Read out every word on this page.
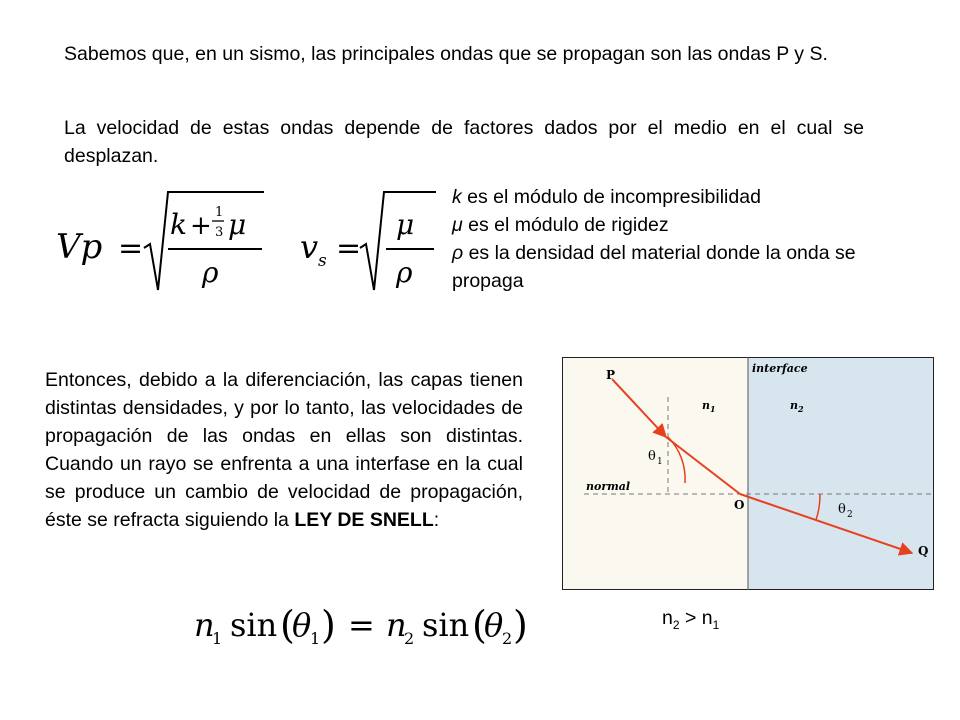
Sabemos que, en un sismo, las principales ondas que se propagan son las ondas P y S.

La velocidad de estas ondas depende de factores dados por el medio en el cual se desplazan.

k es el módulo de incompresibilidad
μ es el módulo de rigidez
ρ es la densidad del material donde la onda se propaga
Vp =
k + 1
3 μ
ρ
v s =
μ
ρ
Entonces, debido a la diferenciación, las capas tienen distintas densidades, y por lo tanto, las velocidades de propagación de las ondas en ellas son distintas. Cuando un rayo se enfrenta a una interfase en la cual se produce un cambio de velocidad de propagación, éste se refracta siguiendo la LEY DE SNELL:
n
1 sin (
θ
1 ) = n
2 sin (
θ
2 )
P
O
Q
interface
normal
n 1	n 2
θ 1
θ 2
$n_2 > n_1$
